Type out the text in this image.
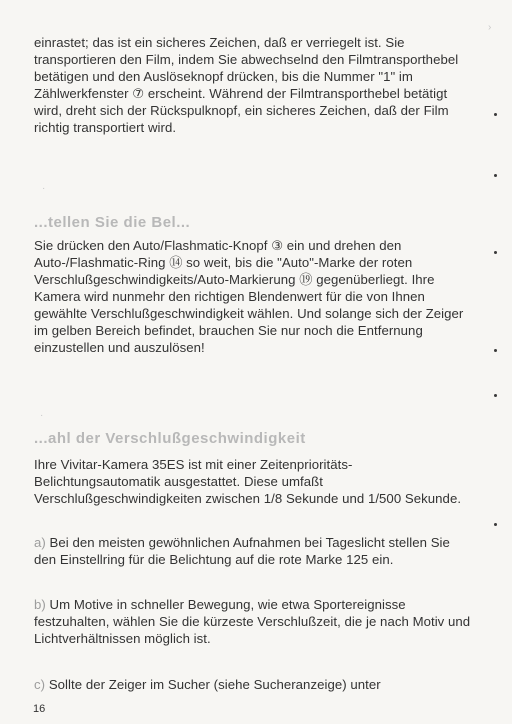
einrastet; das ist ein sicheres Zeichen, daß er verriegelt ist. Sie transportieren den Film, indem Sie abwechselnd den Filmtransporthebel betätigen und den Auslöseknopf drücken, bis die Nummer "1" im Zählwerkfenster ⑦ erscheint. Während der Filmtransporthebel betätigt wird, dreht sich der Rückspulknopf, ein sicheres Zeichen, daß der Film richtig transportiert wird.
·
...tellen Sie die Bel...
Sie drücken den Auto/Flashmatic-Knopf ③ ein und drehen den Auto-/Flashmatic-Ring ⑭ so weit, bis die "Auto"-Marke der roten Verschlußgeschwindigkeits/Auto-Markierung ⑲ gegenüberliegt. Ihre Kamera wird nunmehr den richtigen Blendenwert für die von Ihnen gewählte Verschlußgeschwindigkeit wählen. Und solange sich der Zeiger im gelben Bereich befindet, brauchen Sie nur noch die Entfernung einzustellen und auszulösen!
·
...ahl der Verschlußgeschwindigkeit
Ihre Vivitar-Kamera 35ES ist mit einer Zeitenprioritäts-Belichtungsautomatik ausgestattet. Diese umfaßt Verschlußgeschwindigkeiten zwischen 1/8 Sekunde und 1/500 Sekunde.
a) Bei den meisten gewöhnlichen Aufnahmen bei Tageslicht stellen Sie den Einstellring für die Belichtung auf die rote Marke 125 ein.
b) Um Motive in schneller Bewegung, wie etwa Sportereignisse festzuhalten, wählen Sie die kürzeste Verschlußzeit, die je nach Motiv und Lichtverhältnissen möglich ist.
c) Sollte der Zeiger im Sucher (siehe Sucheranzeige) unter
16
›
